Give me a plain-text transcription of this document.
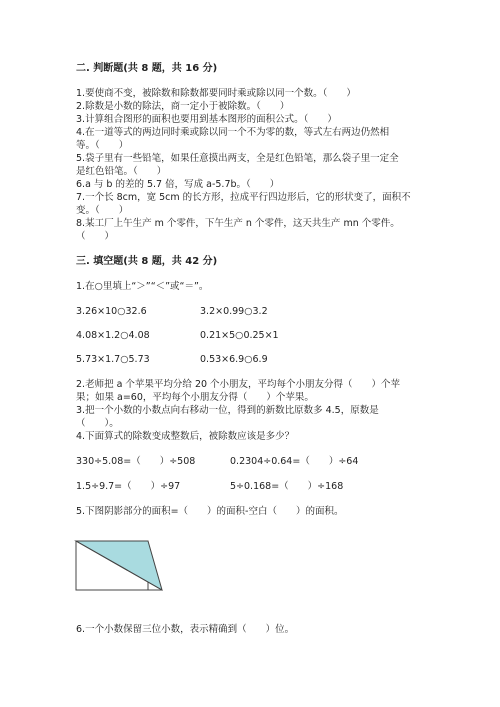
二. 判断题(共 8 题，共 16 分)
1.要使商不变，被除数和除数都要同时乘或除以同一个数。（　　）
2.除数是小数的除法，商一定小于被除数。（　　）
3.计算组合图形的面积也要用到基本图形的面积公式。（　　）
4.在一道等式的两边同时乘或除以同一个不为零的数，等式左右两边仍然相
等。（　　）
5.袋子里有一些铅笔，如果任意摸出两支，全是红色铅笔，那么袋子里一定全
是红色铅笔。（　　）
6.a 与 b 的差的 5.7 倍，写成 a-5.7b。（　　）
7.一个长 8cm，宽 5cm 的长方形，拉成平行四边形后，它的形状变了，面积不
变。（　　）
8.某工厂上午生产 m 个零件，下午生产 n 个零件，这天共生产 mn 个零件。
（　　）
三. 填空题(共 8 题，共 42 分)
1.在○里填上“＞”“＜”或“＝”。
3.26×10○32.6	3.2×0.99○3.2
4.08×1.2○4.08	0.21×5○0.25×1
5.73×1.7○5.73	0.53×6.9○6.9
2.老师把 a 个苹果平均分给 20 个小朋友，平均每个小朋友分得（　　）个苹
果；如果 a=60，平均每个小朋友分得（　　）个苹果。
3.把一个小数的小数点向右移动一位，得到的新数比原数多 4.5，原数是
（　　）。
4.下面算式的除数变成整数后，被除数应该是多少？
330÷5.08=（　　）÷508	0.2304÷0.64=（　　）÷64
1.5÷9.7=（　　）÷97	5÷0.168=（　　）÷168
5.下图阴影部分的面积=（　　）的面积-空白（　　）的面积。
6.一个小数保留三位小数，表示精确到（　　）位。
